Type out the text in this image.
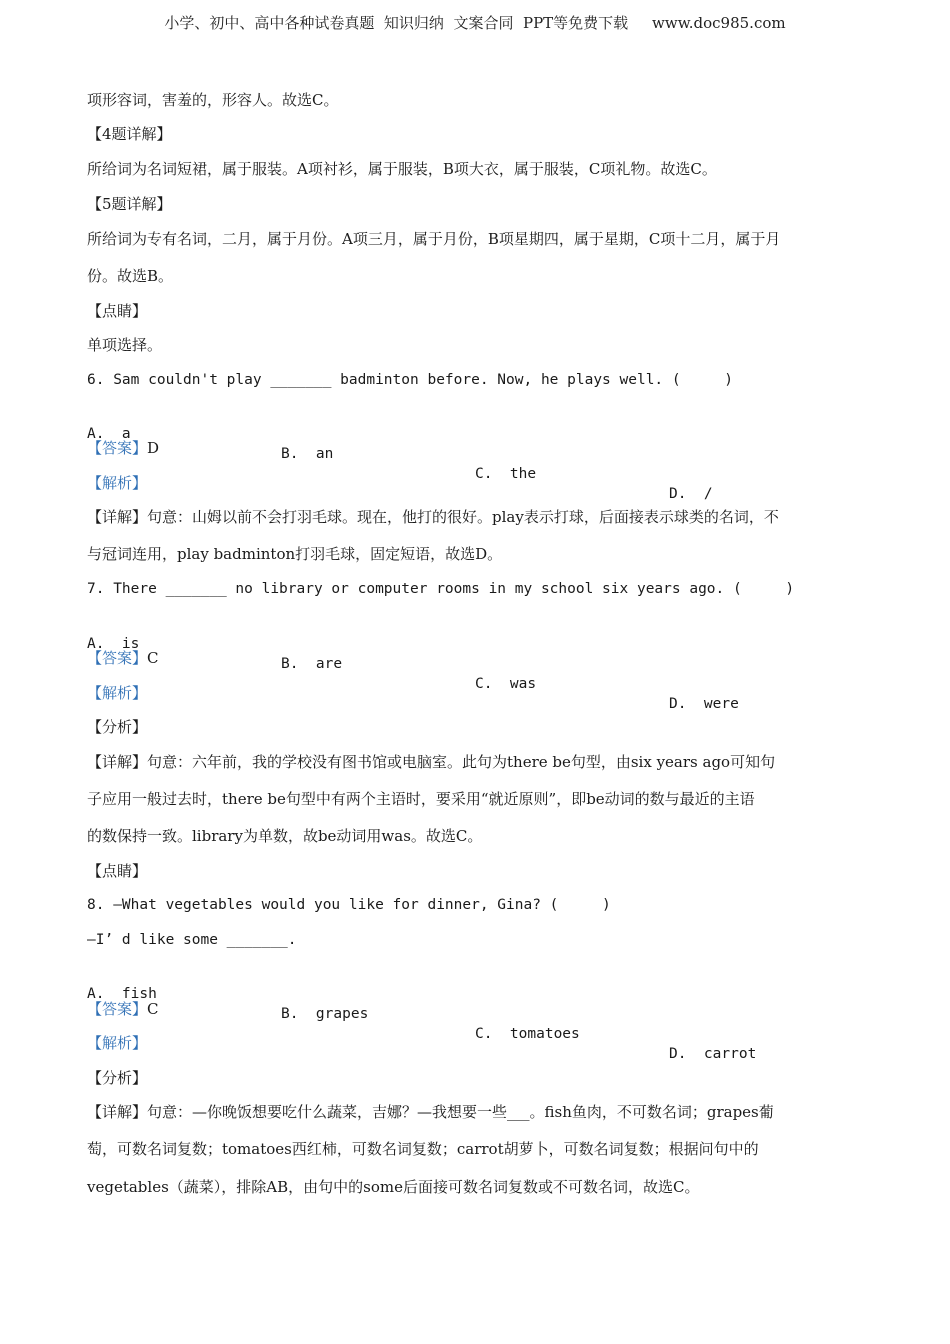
小学、初中、高中各种试卷真题  知识归纳  文案合同  PPT等免费下载     www.doc985.com
项形容词，害羞的，形容人。故选C。
【4题详解】
所给词为名词短裙，属于服装。A项衬衫，属于服装，B项大衣，属于服装，C项礼物。故选C。
【5题详解】
所给词为专有名词，二月，属于月份。A项三月，属于月份，B项星期四，属于星期，C项十二月，属于月
份。故选B。
【点睛】
单项选择。
6. Sam couldn't play _______ badminton before. Now, he plays well. (     )

A.  a

B.  an

C.  the

D.  /

【答案】D
【解析】
【详解】句意：山姆以前不会打羽毛球。现在，他打的很好。play表示打球，后面接表示球类的名词，不
与冠词连用，play badminton打羽毛球，固定短语，故选D。
7. There _______ no library or computer rooms in my school six years ago. (     )

A.  is

B.  are

C.  was

D.  were

【答案】C
【解析】
【分析】
【详解】句意：六年前，我的学校没有图书馆或电脑室。此句为there be句型，由six years ago可知句
子应用一般过去时，there be句型中有两个主语时，要采用“就近原则”，即be动词的数与最近的主语
的数保持一致。library为单数，故be动词用was。故选C。
【点睛】
8. —What vegetables would you like for dinner, Gina? (     )
—I’ d like some _______.

A.  fish

B.  grapes

C.  tomatoes

D.  carrot

【答案】C
【解析】
【分析】
【详解】句意：—你晚饭想要吃什么蔬菜，吉娜？—我想要一些___。fish鱼肉，不可数名词；grapes葡
萄，可数名词复数；tomatoes西红柿，可数名词复数；carrot胡萝卜，可数名词复数；根据问句中的
vegetables（蔬菜），排除AB，由句中的some后面接可数名词复数或不可数名词，故选C。
